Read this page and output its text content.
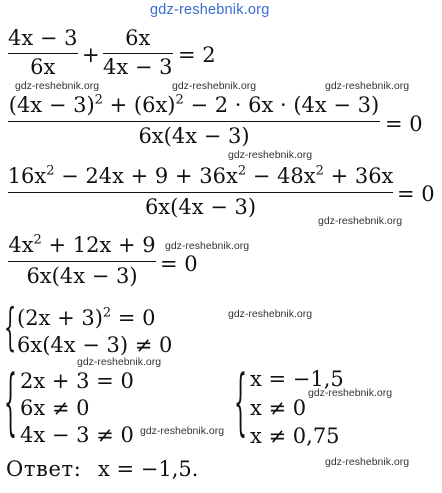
gdz-reshebnik.org
gdz-reshebnik.org	gdz-reshebnik.org	gdz-reshebnik.org
gdz-reshebnik.org
gdz-reshebnik.org
gdz-reshebnik.org
gdz-reshebnik.org
gdz-reshebnik.org
gdz-reshebnik.org
gdz-reshebnik.org
gdz-reshebnik.org
4x − 3
6x
+
6x
4x − 3
= 2
$(4x - 3)^2 + (6x)^2 - 2 \cdot 6x \cdot (4x - 3)$
6x(4x − 3)
= 0
$16x^2 - 24x + 9 + 36x^2 - 48x^2 + 36x$
6x(4x − 3)
= 0
$4x^2 + 12x + 9$
6x(4x − 3)
= 0
{ $(2x + 3)^2 = 0$
6x(4x − 3) ≠ 0
{ 2x + 3 = 0
6x ≠ 0
4x − 3 ≠ 0	{ x = −1,5
x ≠ 0
x ≠ 0,75
Ответ: x = −1,5.
